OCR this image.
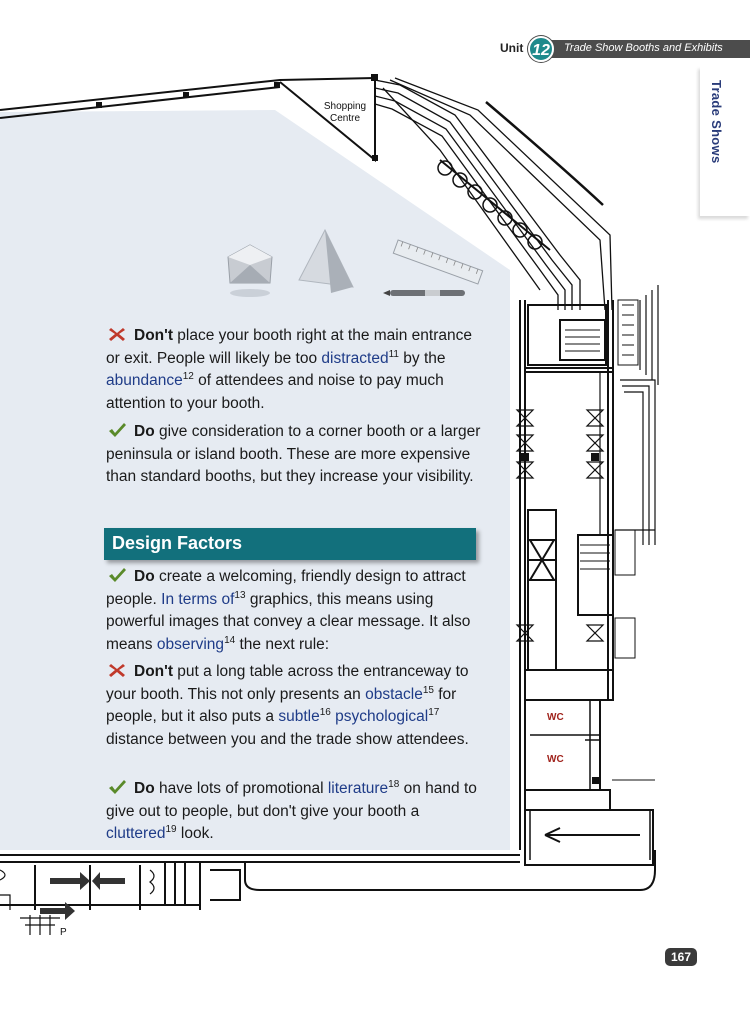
Shopping Centre
WC
WC
P
Unit 12	Trade Show Booths and Exhibits
Trade Shows
Don't place your booth right at the main entrance or exit. People will likely be too distracted$^{11}$ by the abundance$^{12}$ of attendees and noise to pay much attention to your booth.
Do give consideration to a corner booth or a larger peninsula or island booth. These are more expensive than standard booths, but they increase your visibility.
Design Factors
Do create a welcoming, friendly design to attract people. In terms $of^{13}$ graphics, this means using powerful images that convey a clear message. It also means observing$^{14}$ the next rule:
Don't put a long table across the entranceway to your booth. This not only presents an obstacle$^{15}$ for people, but it also puts a subtle$^{16}$ psychological$^{17}$ distance between you and the trade show attendees.
Do have lots of promotional literature$^{18}$ on hand to give out to people, but don't give your booth a cluttered$^{19}$ look.
167
